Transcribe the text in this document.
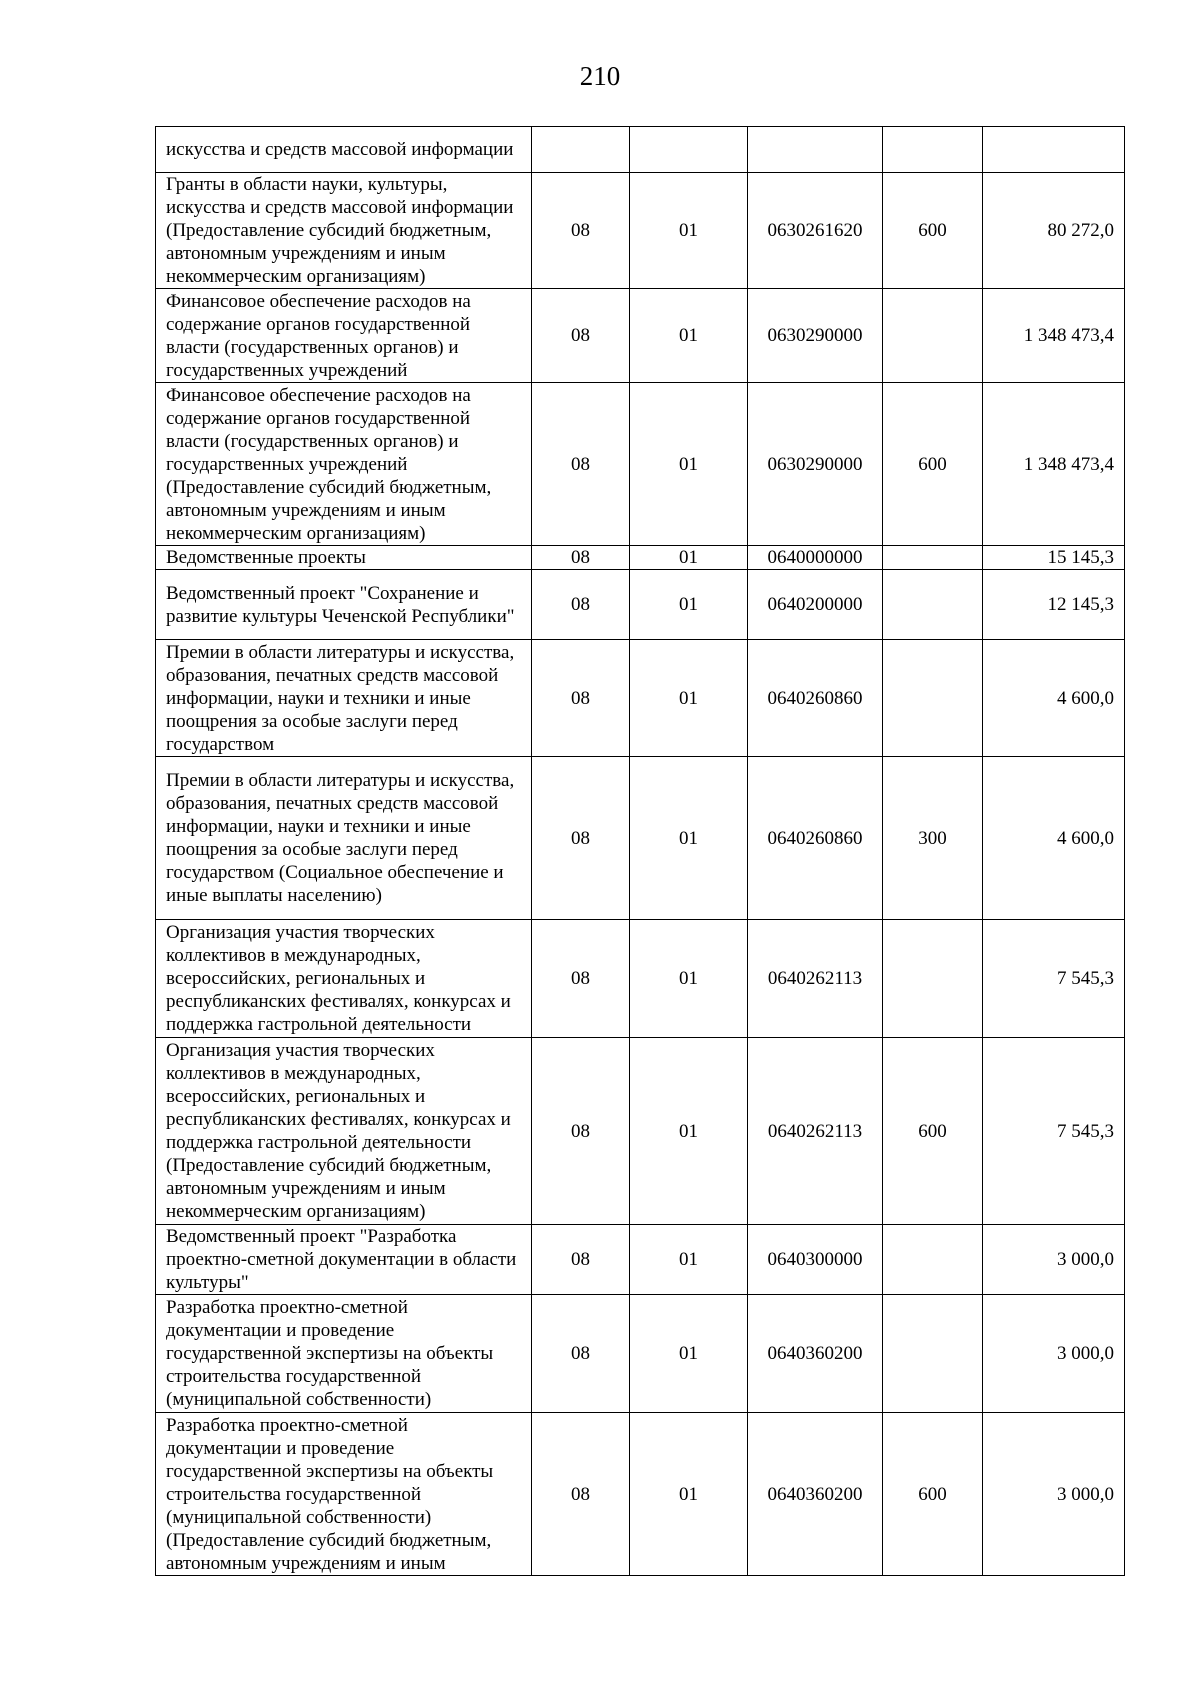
210
искусства и средств массовой информации					
Гранты в области науки, культуры, искусства и средств массовой информации (Предоставление субсидий бюджетным, автономным учреждениям и иным некоммерческим организациям)	08	01	0630261620	600	80 272,0
Финансовое обеспечение расходов на содержание органов государственной власти (государственных органов) и государственных учреждений	08	01	0630290000		1 348 473,4
Финансовое обеспечение расходов на содержание органов государственной власти (государственных органов) и государственных учреждений (Предоставление субсидий бюджетным, автономным учреждениям и иным некоммерческим организациям)	08	01	0630290000	600	1 348 473,4
Ведомственные проекты	08	01	0640000000		15 145,3
Ведомственный проект "Сохранение и развитие культуры Чеченской Республики"	08	01	0640200000		12 145,3
Премии в области литературы и искусства, образования, печатных средств массовой информации, науки и техники и иные поощрения за особые заслуги перед государством	08	01	0640260860		4 600,0
Премии в области литературы и искусства, образования, печатных средств массовой информации, науки и техники и иные поощрения за особые заслуги перед государством (Социальное обеспечение и иные выплаты населению)	08	01	0640260860	300	4 600,0
Организация участия творческих коллективов в международных, всероссийских, региональных и республиканских фестивалях, конкурсах и поддержка гастрольной деятельности	08	01	0640262113		7 545,3
Организация участия творческих коллективов в международных, всероссийских, региональных и республиканских фестивалях, конкурсах и поддержка гастрольной деятельности (Предоставление субсидий бюджетным, автономным учреждениям и иным некоммерческим организациям)	08	01	0640262113	600	7 545,3
Ведомственный проект "Разработка проектно-сметной документации в области культуры"	08	01	0640300000		3 000,0
Разработка проектно-сметной документации и проведение государственной экспертизы на объекты строительства государственной (муниципальной собственности)	08	01	0640360200		3 000,0
Разработка проектно-сметной документации и проведение государственной экспертизы на объекты строительства государственной (муниципальной собственности) (Предоставление субсидий бюджетным, автономным учреждениям и иным	08	01	0640360200	600	3 000,0
